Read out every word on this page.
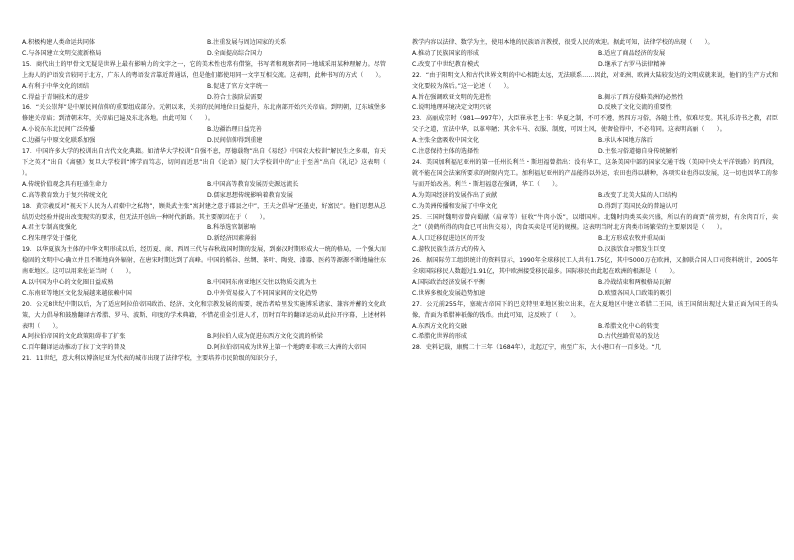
A.积极构建人类命运共同体	B.注重发展与周边国家的关系
C.与各国建立文明交流新格局	D.全面提高综合国力

15．商代出土的甲骨文无疑是世界上最有影响力的文字之一，它的美术性也常有借鉴，书写者和观察者同一地域采用某种理解力。尽管上海人的沪语发音较同于北方，广东人的粤语发音靠近普通话，但是他们都使用同一文字互相交流。这表明，此种书写的方式（　　）。

A.有利于中华文化的团结	B.促进了官方文字统一
C.得益于青铜技术的进步	D.符合士族阶层需要

16．“关公崇拜”是中原民间信仰的重要组成部分。元朝以来，关羽的民间地位日益提升，东北南部开始兴关帝庙。到明朝，辽东城堡多修建关帝庙；到清朝末年，关帝庙已遍及东北各地。由此可知（　　）。

A.小说东东北民间广泛传播	B.边疆治理日益完善
C.边疆与中原文化联系加强	D.民间信仰得到重建

17．中国许多大学的校训出自古代文化典籍。如清华大学校训“自强不息，厚德载物”出自《易经》中国农大校训“解民生之多艰，育天下之英才”出自《离骚》复旦大学校训“博学而笃志，切问而近思”出自《论语》厦门大学校训中的“止于至善”出自《礼记》这表明（　　）。

A.传统价值观念具有旺盛生命力	B.中国高等教育发展历史源远流长
C.高等教育致力于复兴传统文化	D.儒家思想传统影响着教育发展

18．黄宗羲反对“视天下人民为人君橐中之私物”，顾炎武主张“寓封建之意于郡县之中”，王夫之倡导“还墨吏，好富民”。他们思想从总结历史经验并提出改变现实的要求，但无法开创出一种时代新路。其主要原因在于（　　）。

A.君主专制高度强化	B.科举选官制影响
C.程朱理学处于僵化	D.新经济因素薄弱

19．以华夏族为主体的中华文明形成以后，经历夏、商、西周三代与春秋战国时期的发展，到秦汉时期形成大一统的格局，一个强大而稳固的文明中心确立并且不断地向外辐射，在唐宋时期达到了高峰。中国的稻谷、丝绸、茶叶、陶瓷、漆器、医药等源源不断地输往东南亚地区。这可以用来佐证当时（　　）。

A.以中国为中心的文化圈日益成熟	B.中国同东南亚地区交往以物质交流为主
C.东南亚等地区文化发展越来越依赖中国	D.中外贸易接入了不同国家间的文化趋势

20．公元8世纪中期以后，为了适应阿拉伯帝国政治、经济、文化和宗教发展的需要，统治者哈里发实施博采诸家、兼容并蓄的文化政策，大力倡导和鼓励翻译古希腊、罗马、波斯、印度的学术典籍，不惜花重金引进人才，历时百年的翻译运动从此拉开序幕，上述材料表明（　　）。

A.阿拉伯帝国的文化政策阻碍非了扩张	B.阿拉伯人成为促进东西方文化交流的桥梁
C.百年翻译运动推动了拉丁文字的普及	D.阿拉伯帝国成为世界上第一个地跨亚非欧三大洲的大帝国

21．11世纪，意大利以博洛尼亚为代表的城市出现了法律学校，主要培养市民阶级的知识分子，

教学内容以法律、数学为主，使用本地的民族语言教授，很受人民的欢迎。据此可知，法律学校的出现（　　）。

A.推动了民族国家的形成	B.适应了商品经济的发展
C.改变了中世纪教育模式	D.继承了古罗马法律精神

22．“由于阳明文人和古代世界文明的中心相距太远，无法联系……因此，对亚洲、欧洲大陆较发达的文明成就来说，他们的生产方式和文化要较为落后。”这一论述（　　）。

A.旨在强调欧亚文明的先进性	B.揭示了西方侵略美洲的必然性
C.说明地理环境决定文明兴衰	D.反映了文化交流的重要性

23．高丽成宗时（981―997年），大臣崔承老上书：华夏之制，不可不遵，然四方习俗，各随土性，似难尽变。其礼乐诗书之教，君臣父子之道，宜法中华，以革卑陋；其余车马、衣服、制度，可因土风，使奢俭得中，不必苟同。这表明高丽（　　）。

A.主张全盘吸收中国文化	B.承认本国地方落后
C.注意保持主体的选择性	D.主张习俗道德自身传统解析

24．美国加利福尼亚州的第一任州长利兰・斯坦福曾指出：没有华工，这条美国中部的国家交通干线（美国中央太平洋铁路）的西段，就不能在国会法案所要求的时限内完工。加利福尼亚州的产品能得以外运，农田也得以耕种，各项实业也得以发展，这一切也因华工的参与而开始改善。利兰・斯坦福意在强调，华工（　　）。

A.为美国经济的发展作出了贡献	B.改变了北美大陆的人口结构
C.为美洲传播和发展了中华文化	D.得到了美国民众的普遍认可

25．三国时魏明帝曾向蜀献（肩章等）征收“牛肉小饭”，以增国库。北魏时肉类买卖兴盛，所以有的商贾“前旁厨，有余肉百斤，卖之”（黄鹤所得的肉食已可出售交易），肉食买卖是可见的规模。这表明当时北方肉类市场繁荣的主要原因是（　　）。

A.人口迁移促进边区的开发	B.北方形成农牧并重局面
C.游牧民族生活方式的传入	D.汉族饮食习惯发生巨变

26．据国际劳工组织统计的资料显示，1990年全球移民工人共有1.75亿，其中5000万在欧洲，又据联合国人口司资料统计，2005年全球国际移民人数超过1.91亿，其中欧洲接受移民最多。国际移民由此起在欧洲的根源是（　　）。

A.国际政治经济发展不平衡	B.冷战结束和两极格局瓦解
C.世界多极化发展趋势加速	D.欧盟各国人口政策的吸引

27．公元前255年，塞琉古帝国下的巴克特里亚地区独立出来，在大夏地区中建立希腊二王国，该王国留出现过大量正面为国王的头像，背面为希腊神祇像的钱币。由此可知，这反映了（　　）。

A.东西方文化的交融	B.希腊文化中心的转变
C.希腊化世界的形成	D.古代丝路贸易的发达

28．史料记载，康熙二十三年（1684年），北起辽宁，南至广东，大小港口有一百多处。“几
